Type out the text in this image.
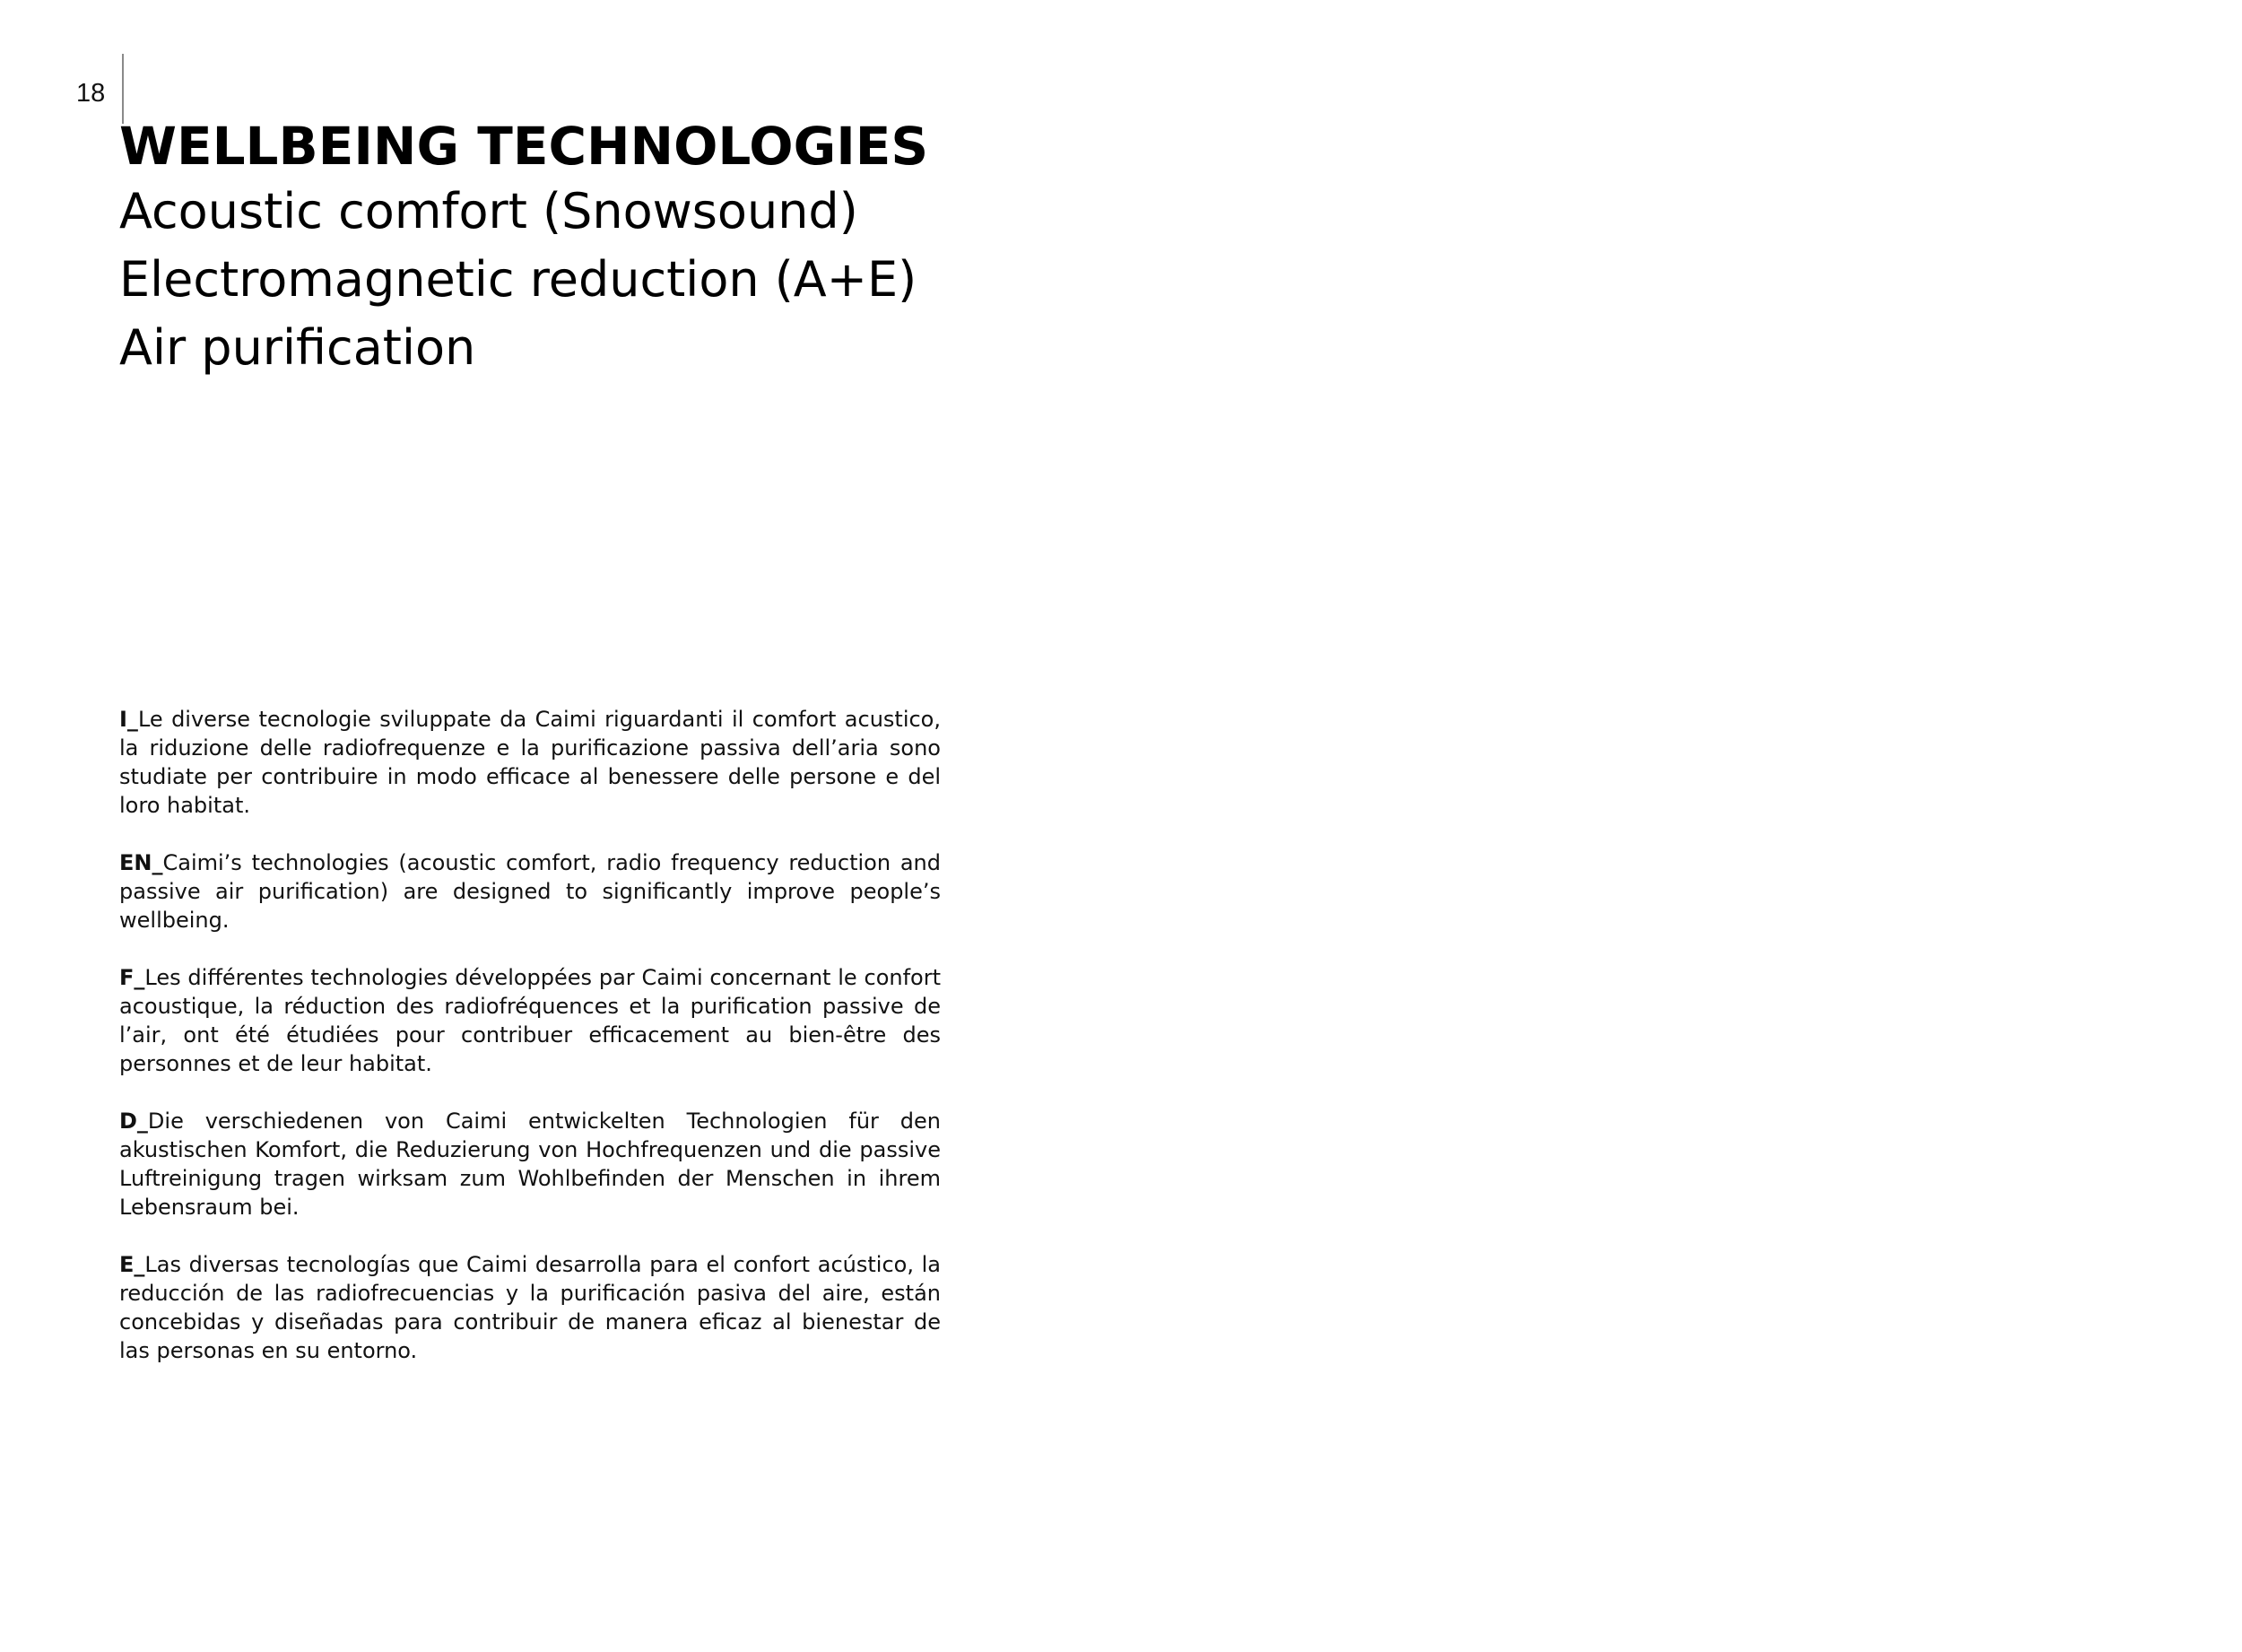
18
WELLBEING TECHNOLOGIES
Acoustic comfort (Snowsound)
Electromagnetic reduction (A+E)
Air purification

I_Le diverse tecnologie sviluppate da Caimi riguardanti il comfort acustico, la riduzione delle radiofrequenze e la purificazione passiva dell’aria sono studiate per contribuire in modo efficace al benessere delle persone e del loro habitat.

EN_Caimi’s technologies (acoustic comfort, radio frequency reduction and passive air purification) are designed to significantly improve people’s wellbeing.

F_Les différentes technologies développées par Caimi concernant le confort acoustique, la réduction des radiofréquences et la purification passive de l’air, ont été étudiées pour contribuer efficacement au bien-être des personnes et de leur habitat.

D_Die verschiedenen von Caimi entwickelten Technologien für den akustischen Komfort, die Reduzierung von Hochfrequenzen und die passive Luftreinigung tragen wirksam zum Wohlbefinden der Menschen in ihrem Lebensraum bei.

E_Las diversas tecnologías que Caimi desarrolla para el confort acústico, la reducción de las radiofrecuencias y la purificación pasiva del aire, están concebidas y diseñadas para contribuir de manera eficaz al bienestar de las personas en su entorno.
